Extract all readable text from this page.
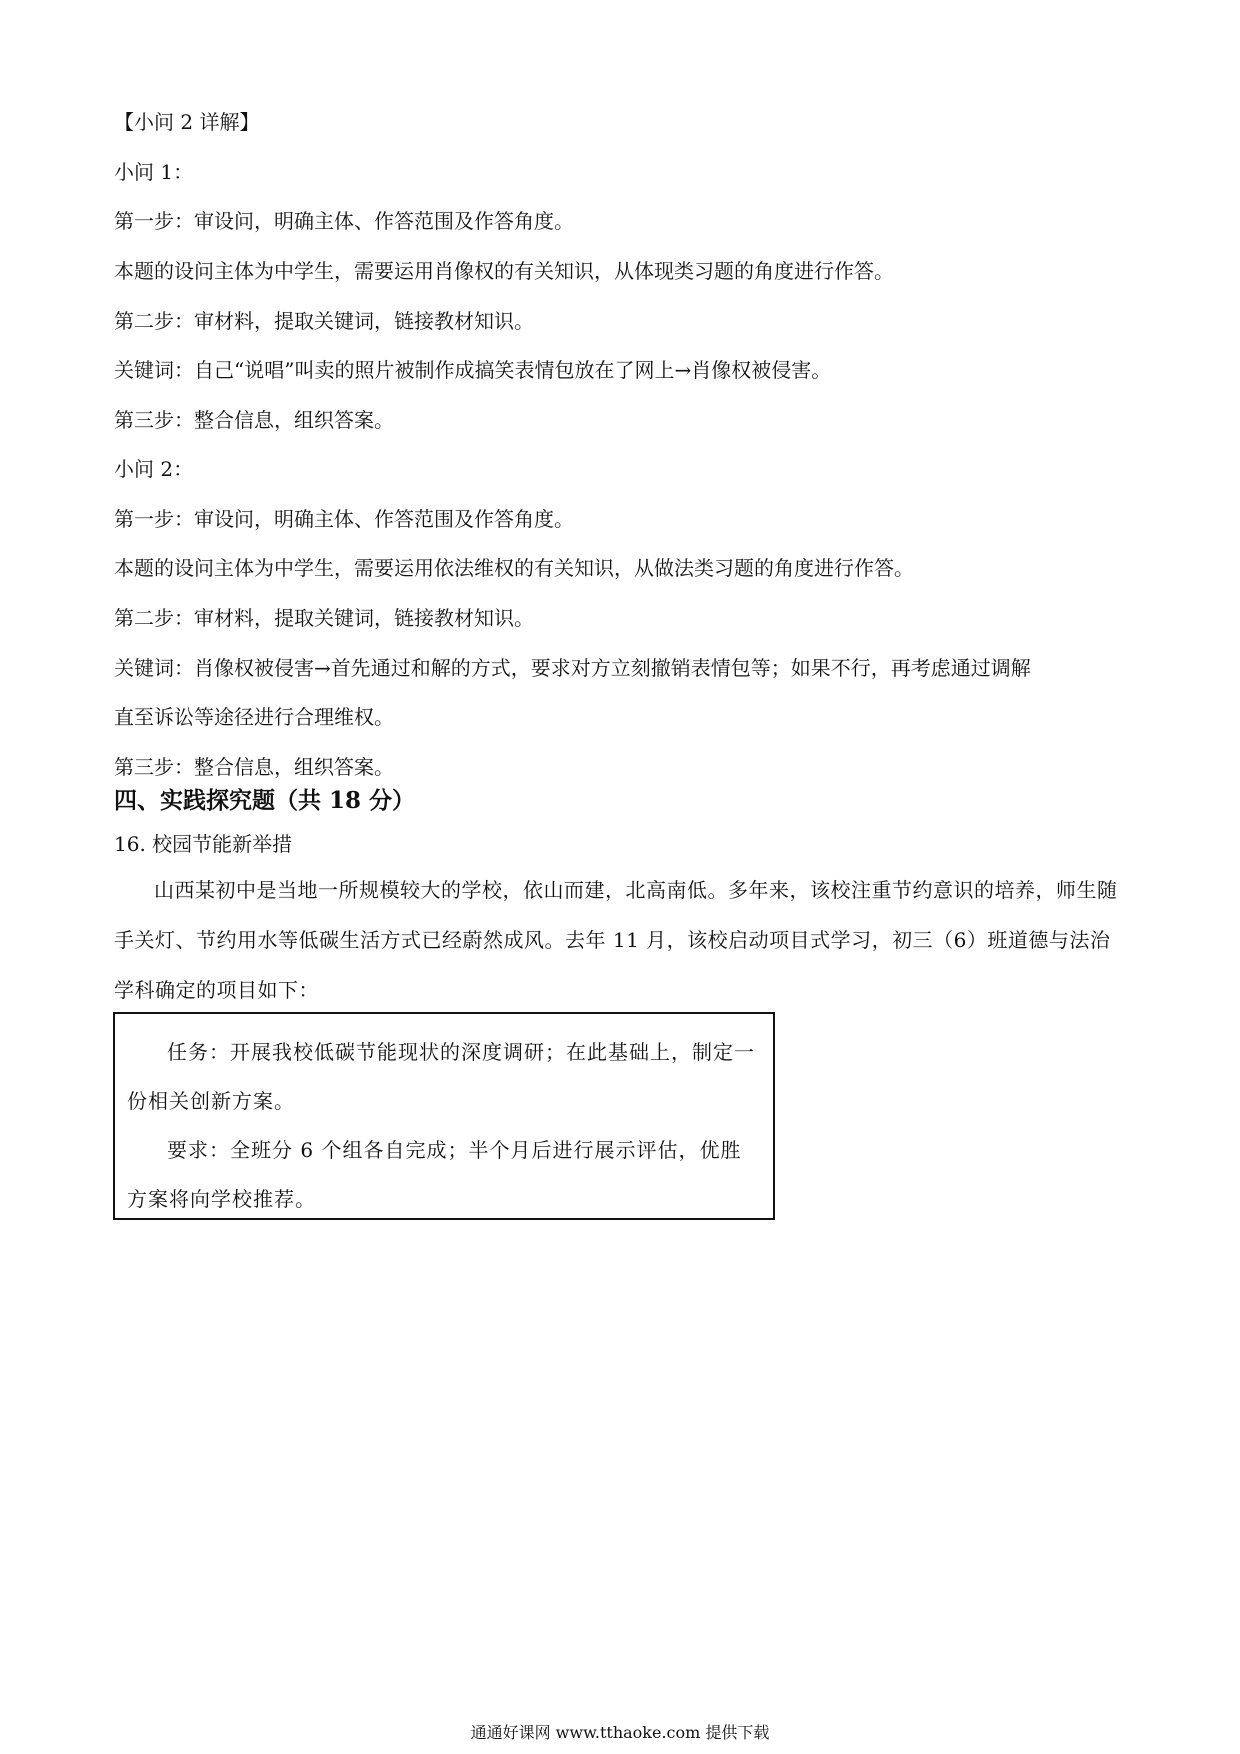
【小问 2 详解】

小问 1：

第一步：审设问，明确主体、作答范围及作答角度。

本题的设问主体为中学生，需要运用肖像权的有关知识，从体现类习题的角度进行作答。

第二步：审材料，提取关键词，链接教材知识。

关键词：自己“说唱”叫卖的照片被制作成搞笑表情包放在了网上→肖像权被侵害。

第三步：整合信息，组织答案。

小问 2：

第一步：审设问，明确主体、作答范围及作答角度。

本题的设问主体为中学生，需要运用依法维权的有关知识，从做法类习题的角度进行作答。

第二步：审材料，提取关键词，链接教材知识。

关键词：肖像权被侵害→首先通过和解的方式，要求对方立刻撤销表情包等；如果不行，再考虑通过调解

直至诉讼等途径进行合理维权。

第三步：整合信息，组织答案。

四、实践探究题（共 18 分）

16. 校园节能新举措

山西某初中是当地一所规模较大的学校，依山而建，北高南低。多年来，该校注重节约意识的培养，师生随手关灯、节约用水等低碳生活方式已经蔚然成风。去年 11 月，该校启动项目式学习，初三（6）班道德与法治学科确定的项目如下：

任务：开展我校低碳节能现状的深度调研；在此基础上，制定一份相关创新方案。

要求：全班分 6 个组各自完成；半个月后进行展示评估，优胜方案将向学校推荐。

通通好课网 www.tthaoke.com 提供下载
